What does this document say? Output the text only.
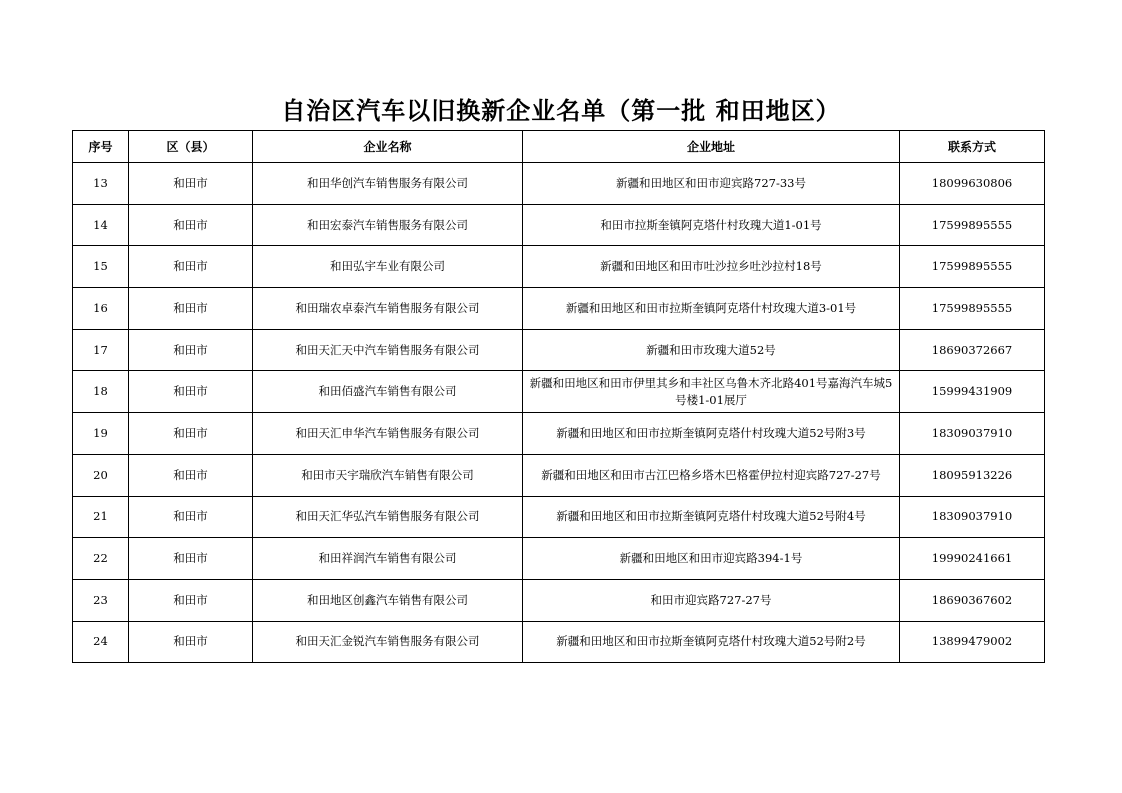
自治区汽车以旧换新企业名单（第一批 和田地区）
序号	区（县）	企业名称	企业地址	联系方式
13	和田市	和田华创汽车销售服务有限公司	新疆和田地区和田市迎宾路727-33号	18099630806
14	和田市	和田宏泰汽车销售服务有限公司	和田市拉斯奎镇阿克塔什村玫瑰大道1-01号	17599895555
15	和田市	和田弘宇车业有限公司	新疆和田地区和田市吐沙拉乡吐沙拉村18号	17599895555
16	和田市	和田瑞农卓泰汽车销售服务有限公司	新疆和田地区和田市拉斯奎镇阿克塔什村玫瑰大道3-01号	17599895555
17	和田市	和田天汇天中汽车销售服务有限公司	新疆和田市玫瑰大道52号	18690372667
18	和田市	和田佰盛汽车销售有限公司	新疆和田地区和田市伊里其乡和丰社区乌鲁木齐北路401号嘉海汽车城5号楼1-01展厅	15999431909
19	和田市	和田天汇申华汽车销售服务有限公司	新疆和田地区和田市拉斯奎镇阿克塔什村玫瑰大道52号附3号	18309037910
20	和田市	和田市天宇瑞欣汽车销售有限公司	新疆和田地区和田市古江巴格乡塔木巴格霍伊拉村迎宾路727-27号	18095913226
21	和田市	和田天汇华弘汽车销售服务有限公司	新疆和田地区和田市拉斯奎镇阿克塔什村玫瑰大道52号附4号	18309037910
22	和田市	和田祥润汽车销售有限公司	新疆和田地区和田市迎宾路394-1号	19990241661
23	和田市	和田地区创鑫汽车销售有限公司	和田市迎宾路727-27号	18690367602
24	和田市	和田天汇金锐汽车销售服务有限公司	新疆和田地区和田市拉斯奎镇阿克塔什村玫瑰大道52号附2号	13899479002
